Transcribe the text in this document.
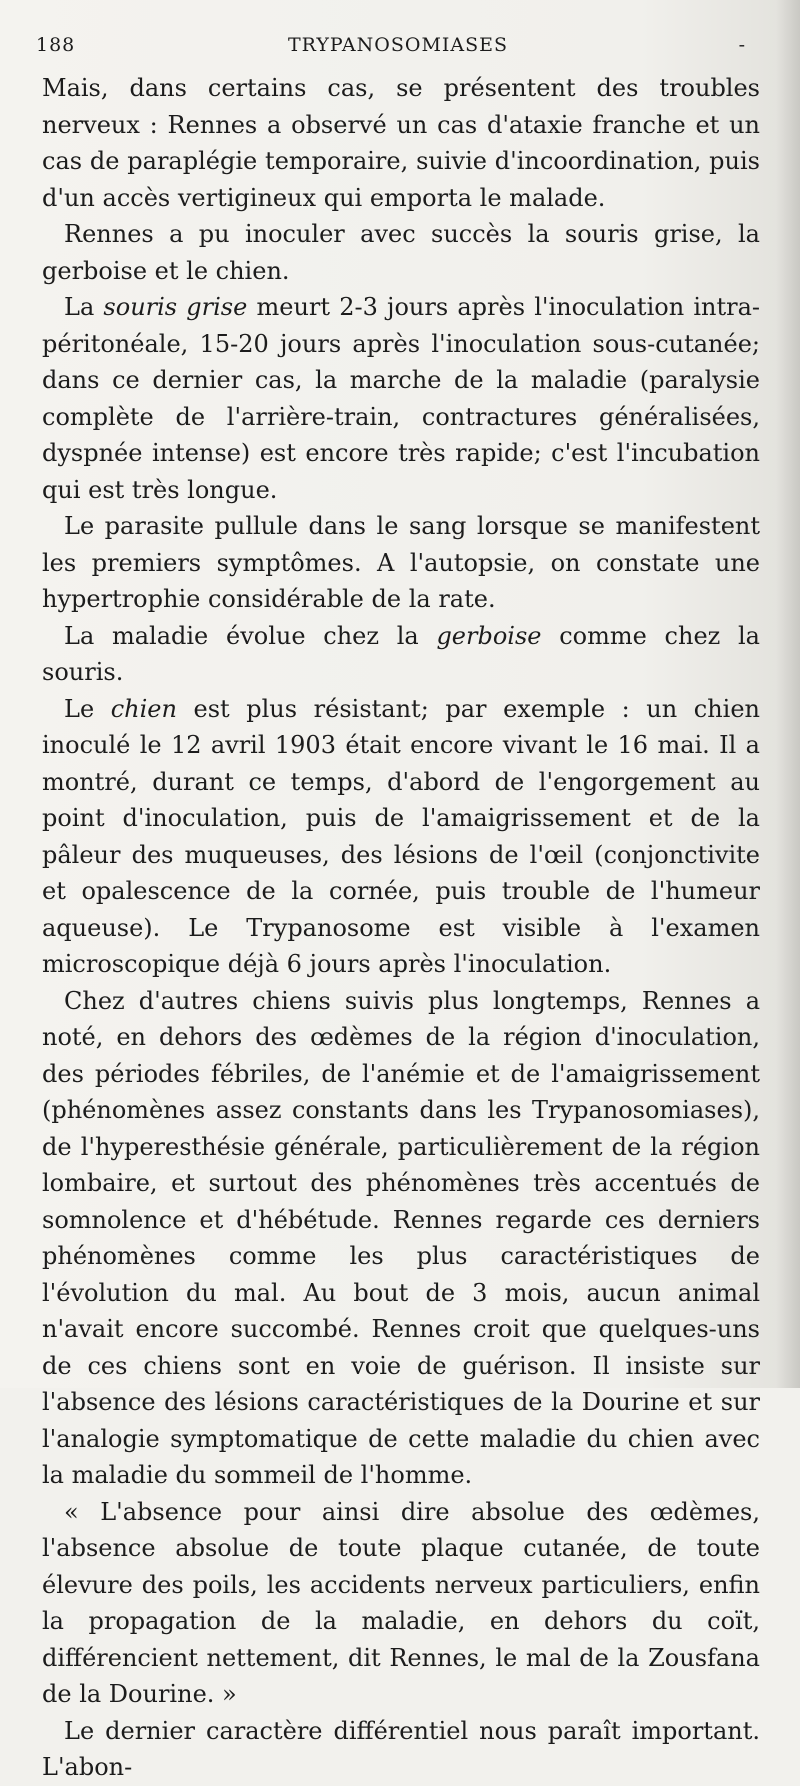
188	TRYPANOSOMIASES	-

Mais, dans certains cas, se présentent des troubles nerveux : Rennes a observé un cas d'ataxie franche et un cas de paraplégie temporaire, suivie d'incoordination, puis d'un accès vertigineux qui emporta le malade.

Rennes a pu inoculer avec succès la souris grise, la gerboise et le chien.

La souris grise meurt 2-3 jours après l'inoculation intra-péritonéale, 15-20 jours après l'inoculation sous-cutanée; dans ce dernier cas, la marche de la maladie (paralysie complète de l'arrière-train, contractures généralisées, dyspnée intense) est encore très rapide; c'est l'incubation qui est très longue.

Le parasite pullule dans le sang lorsque se manifestent les premiers symptômes. A l'autopsie, on constate une hypertrophie considérable de la rate.

La maladie évolue chez la gerboise comme chez la souris.

Le chien est plus résistant; par exemple : un chien inoculé le 12 avril 1903 était encore vivant le 16 mai. Il a montré, durant ce temps, d'abord de l'engorgement au point d'inoculation, puis de l'amaigrissement et de la pâleur des muqueuses, des lésions de l'œil (conjonctivite et opalescence de la cornée, puis trouble de l'humeur aqueuse). Le Trypanosome est visible à l'examen microscopique déjà 6 jours après l'inoculation.

Chez d'autres chiens suivis plus longtemps, Rennes a noté, en dehors des œdèmes de la région d'inoculation, des périodes fébriles, de l'anémie et de l'amaigrissement (phénomènes assez constants dans les Trypanosomiases), de l'hyperesthésie générale, particulièrement de la région lombaire, et surtout des phénomènes très accentués de somnolence et d'hébétude. Rennes regarde ces derniers phénomènes comme les plus caractéristiques de l'évolution du mal. Au bout de 3 mois, aucun animal n'avait encore succombé. Rennes croit que quelques-uns de ces chiens sont en voie de guérison. Il insiste sur l'absence des lésions caractéristiques de la Dourine et sur l'analogie symptomatique de cette maladie du chien avec la maladie du sommeil de l'homme.

« L'absence pour ainsi dire absolue des œdèmes, l'absence absolue de toute plaque cutanée, de toute élevure des poils, les accidents nerveux particuliers, enfin la propagation de la maladie, en dehors du coït, différencient nettement, dit Rennes, le mal de la Zousfana de la Dourine. »

Le dernier caractère différentiel nous paraît important. L'abon-
